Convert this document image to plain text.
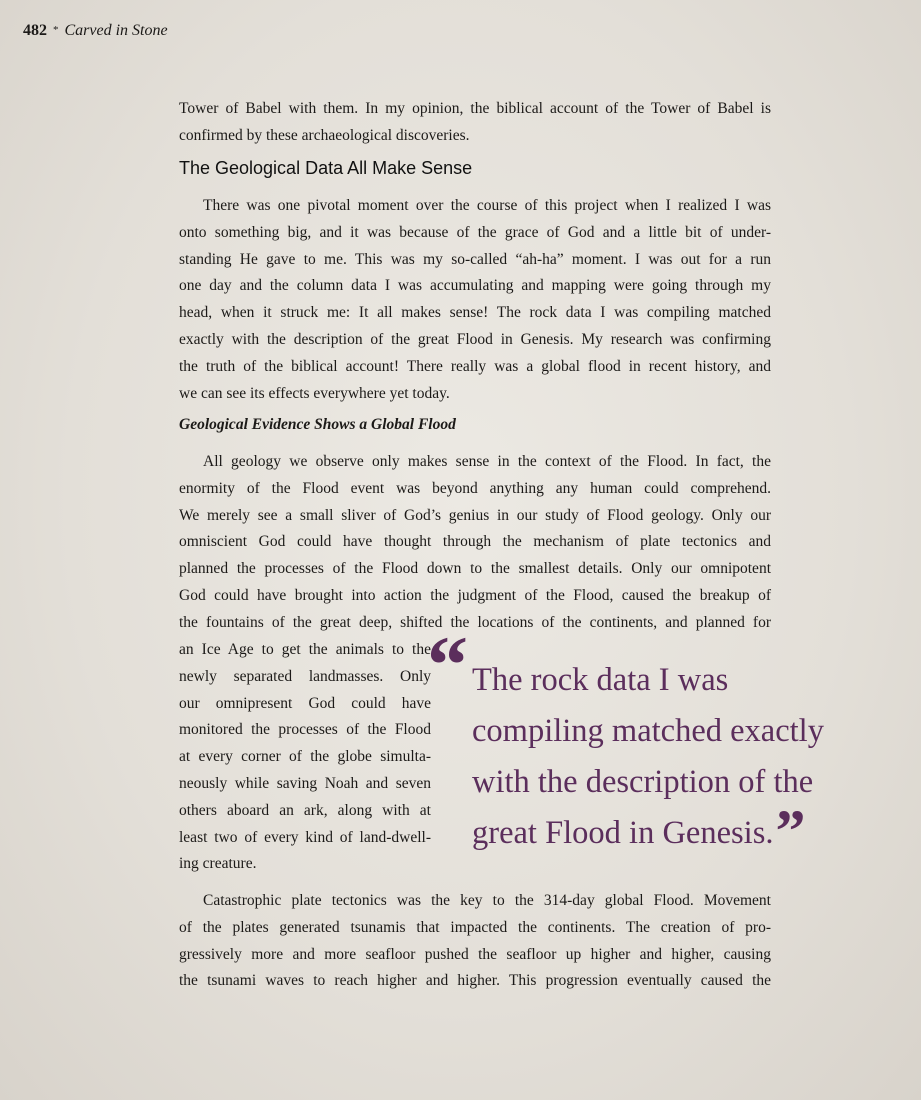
482 * Carved in Stone

Tower of Babel with them. In my opinion, the biblical account of the Tower of Babel is

confirmed by these archaeological discoveries.

The Geological Data All Make Sense

There was one pivotal moment over the course of this project when I realized I was

onto something big, and it was because of the grace of God and a little bit of under-

standing He gave to me. This was my so-called “ah-ha” moment. I was out for a run

one day and the column data I was accumulating and mapping were going through my

head, when it struck me: It all makes sense! The rock data I was compiling matched

exactly with the description of the great Flood in Genesis. My research was confirming

the truth of the biblical account! There really was a global flood in recent history, and

we can see its effects everywhere yet today.

Geological Evidence Shows a Global Flood

All geology we observe only makes sense in the context of the Flood. In fact, the

enormity of the Flood event was beyond anything any human could comprehend.

We merely see a small sliver of God’s genius in our study of Flood geology. Only our

omniscient God could have thought through the mechanism of plate tectonics and

planned the processes of the Flood down to the smallest details. Only our omnipotent

God could have brought into action the judgment of the Flood, caused the breakup of

the fountains of the great deep, shifted the locations of the continents, and planned for

an Ice Age to get the animals to the

newly separated landmasses. Only

our omnipresent God could have

monitored the processes of the Flood

at every corner of the globe simulta-

neously while saving Noah and seven

others aboard an ark, along with at

least two of every kind of land-dwell-

ing creature.

“ The rock data I was
compiling matched exactly
with the description of the
great Flood in Genesis.”

Catastrophic plate tectonics was the key to the 314-day global Flood. Movement

of the plates generated tsunamis that impacted the continents. The creation of pro-

gressively more and more seafloor pushed the seafloor up higher and higher, causing

the tsunami waves to reach higher and higher. This progression eventually caused the
